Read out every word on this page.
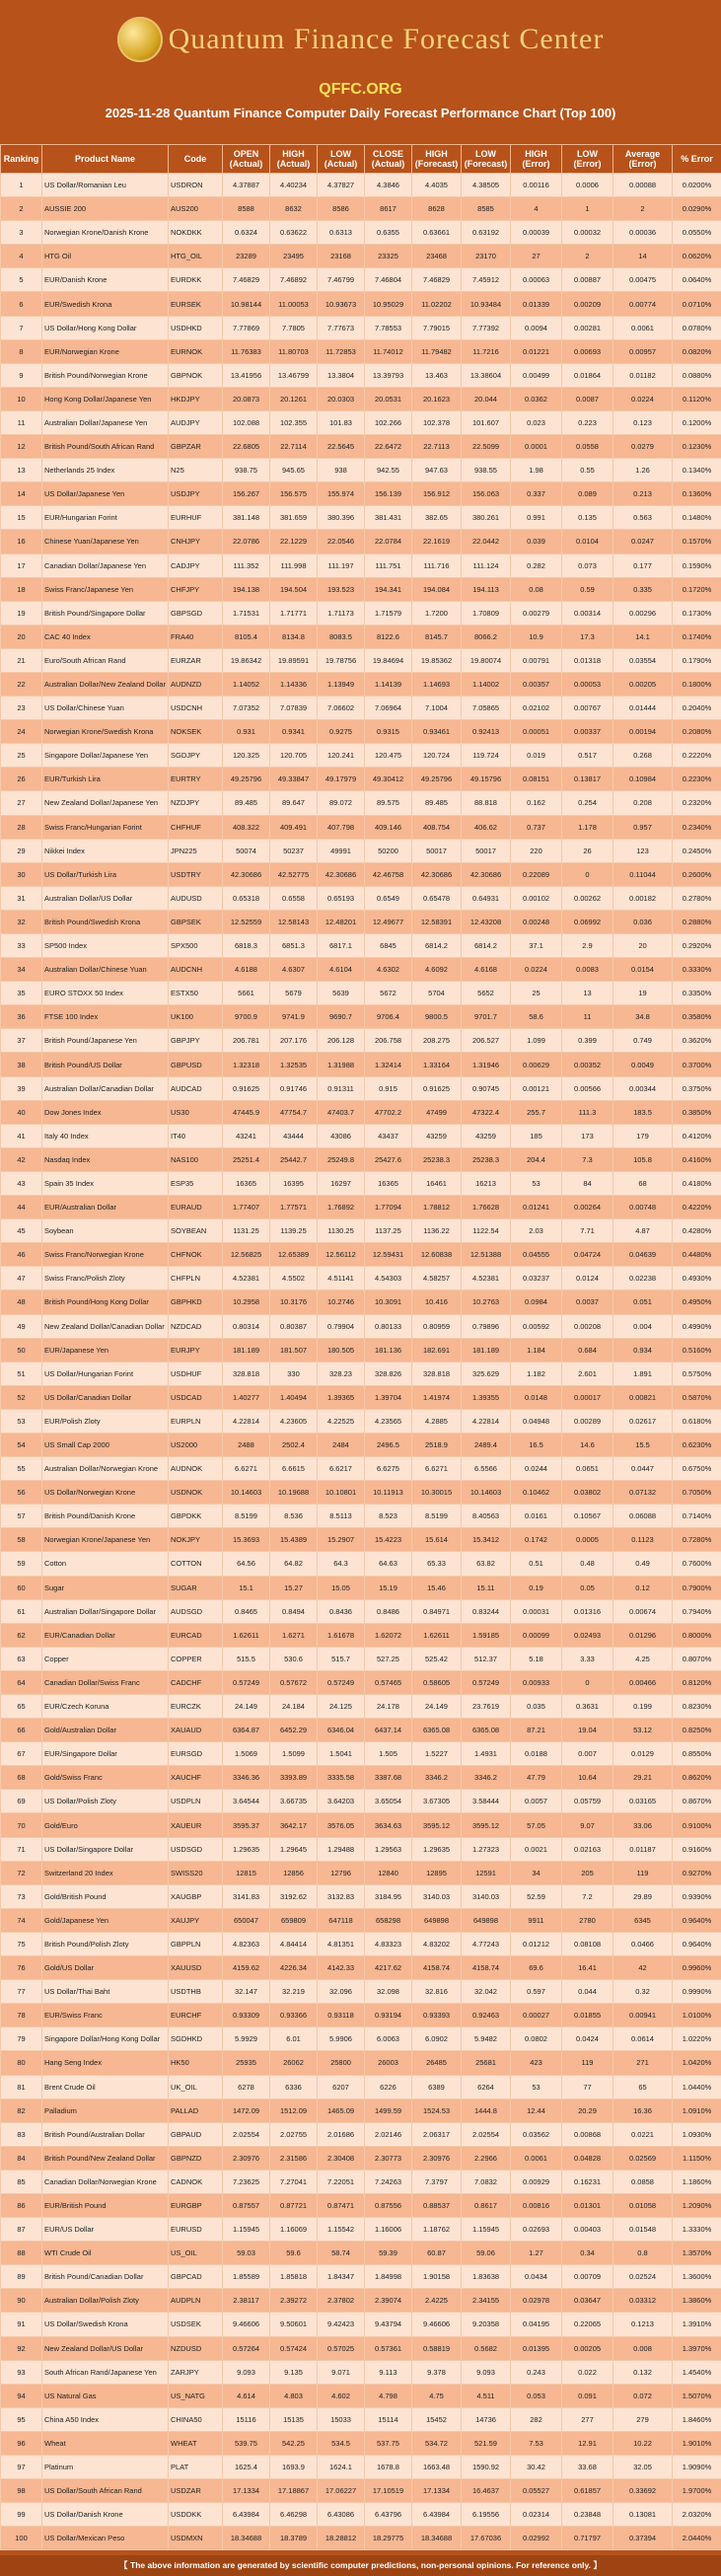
Quantum Finance Forecast Center
QFFC.ORG
2025-11-28 Quantum Finance Computer Daily Forecast Performance Chart (Top 100)
Ranking	Product Name	Code	OPEN (Actual)	HIGH (Actual)	LOW (Actual)	CLOSE (Actual)	HIGH (Forecast)	LOW (Forecast)	HIGH (Error)	LOW (Error)	Average (Error)	% Error
1	US Dollar/Romanian Leu	USDRON	4.37887	4.40234	4.37827	4.3846	4.4035	4.38505	0.00116	0.0006	0.00088	0.0200%
2	AUSSIE 200	AUS200	8588	8632	8586	8617	8628	8585	4	1	2	0.0290%
3	Norwegian Krone/Danish Krone	NOKDKK	0.6324	0.63622	0.6313	0.6355	0.63661	0.63192	0.00039	0.00032	0.00036	0.0550%
4	HTG Oil	HTG_OIL	23289	23495	23168	23325	23468	23170	27	2	14	0.0620%
5	EUR/Danish Krone	EURDKK	7.46829	7.46892	7.46799	7.46804	7.46829	7.45912	0.00063	0.00887	0.00475	0.0640%
6	EUR/Swedish Krona	EURSEK	10.98144	11.00053	10.93673	10.95029	11.02202	10.93484	0.01339	0.00209	0.00774	0.0710%
7	US Dollar/Hong Kong Dollar	USDHKD	7.77869	7.7805	7.77673	7.78553	7.79015	7.77392	0.0094	0.00281	0.0061	0.0780%
8	EUR/Norwegian Krone	EURNOK	11.76383	11.80703	11.72853	11.74012	11.79482	11.7216	0.01221	0.00693	0.00957	0.0820%
9	British Pound/Norwegian Krone	GBPNOK	13.41956	13.46799	13.3804	13.39793	13.463	13.38604	0.00499	0.01864	0.01182	0.0880%
10	Hong Kong Dollar/Japanese Yen	HKDJPY	20.0873	20.1261	20.0303	20.0531	20.1623	20.044	0.0362	0.0087	0.0224	0.1120%
11	Australian Dollar/Japanese Yen	AUDJPY	102.088	102.355	101.83	102.266	102.378	101.607	0.023	0.223	0.123	0.1200%
12	British Pound/South African Rand	GBPZAR	22.6805	22.7114	22.5645	22.6472	22.7113	22.5099	0.0001	0.0558	0.0279	0.1230%
13	Netherlands 25 Index	N25	938.75	945.65	938	942.55	947.63	938.55	1.98	0.55	1.26	0.1340%
14	US Dollar/Japanese Yen	USDJPY	156.267	156.575	155.974	156.139	156.912	156.063	0.337	0.089	0.213	0.1360%
15	EUR/Hungarian Forint	EURHUF	381.148	381.659	380.396	381.431	382.65	380.261	0.991	0.135	0.563	0.1480%
16	Chinese Yuan/Japanese Yen	CNHJPY	22.0786	22.1229	22.0546	22.0784	22.1619	22.0442	0.039	0.0104	0.0247	0.1570%
17	Canadian Dollar/Japanese Yen	CADJPY	111.352	111.998	111.197	111.751	111.716	111.124	0.282	0.073	0.177	0.1590%
18	Swiss Franc/Japanese Yen	CHFJPY	194.138	194.504	193.523	194.341	194.084	194.113	0.08	0.59	0.335	0.1720%
19	British Pound/Singapore Dollar	GBPSGD	1.71531	1.71771	1.71173	1.71579	1.7200	1.70809	0.00279	0.00314	0.00296	0.1730%
20	CAC 40 Index	FRA40	8105.4	8134.8	8083.5	8122.6	8145.7	8066.2	10.9	17.3	14.1	0.1740%
21	Euro/South African Rand	EURZAR	19.86342	19.89591	19.78756	19.84694	19.85362	19.80074	0.00791	0.01318	0.03554	0.1790%
22	Australian Dollar/New Zealand Dollar	AUDNZD	1.14052	1.14336	1.13949	1.14139	1.14693	1.14002	0.00357	0.00053	0.00205	0.1800%
23	US Dollar/Chinese Yuan	USDCNH	7.07352	7.07839	7.06602	7.06964	7.1004	7.05865	0.02102	0.00767	0.01444	0.2040%
24	Norwegian Krone/Swedish Krona	NOKSEK	0.931	0.9341	0.9275	0.9315	0.93461	0.92413	0.00051	0.00337	0.00194	0.2080%
25	Singapore Dollar/Japanese Yen	SGDJPY	120.325	120.705	120.241	120.475	120.724	119.724	0.019	0.517	0.268	0.2220%
26	EUR/Turkish Lira	EURTRY	49.25796	49.33847	49.17979	49.30412	49.25796	49.15796	0.08151	0.13817	0.10984	0.2230%
27	New Zealand Dollar/Japanese Yen	NZDJPY	89.485	89.647	89.072	89.575	89.485	88.818	0.162	0.254	0.208	0.2320%
28	Swiss Franc/Hungarian Forint	CHFHUF	408.322	409.491	407.798	409.146	408.754	406.62	0.737	1.178	0.957	0.2340%
29	Nikkei Index	JPN225	50074	50237	49991	50200	50017	50017	220	26	123	0.2450%
30	US Dollar/Turkish Lira	USDTRY	42.30686	42.52775	42.30686	42.46758	42.30686	42.30686	0.22089	0	0.11044	0.2600%
31	Australian Dollar/US Dollar	AUDUSD	0.65318	0.6558	0.65193	0.6549	0.65478	0.64931	0.00102	0.00262	0.00182	0.2780%
32	British Pound/Swedish Krona	GBPSEK	12.52559	12.58143	12.48201	12.49677	12.58391	12.43208	0.00248	0.06992	0.036	0.2880%
33	SP500 Index	SPX500	6818.3	6851.3	6817.1	6845	6814.2	6814.2	37.1	2.9	20	0.2920%
34	Australian Dollar/Chinese Yuan	AUDCNH	4.6188	4.6307	4.6104	4.6302	4.6092	4.6168	0.0224	0.0083	0.0154	0.3330%
35	EURO STOXX 50 Index	ESTX50	5661	5679	5639	5672	5704	5652	25	13	19	0.3350%
36	FTSE 100 Index	UK100	9700.9	9741.9	9690.7	9706.4	9800.5	9701.7	58.6	11	34.8	0.3580%
37	British Pound/Japanese Yen	GBPJPY	206.781	207.176	206.128	206.758	208.275	206.527	1.099	0.399	0.749	0.3620%
38	British Pound/US Dollar	GBPUSD	1.32318	1.32535	1.31988	1.32414	1.33164	1.31946	0.00629	0.00352	0.0049	0.3700%
39	Australian Dollar/Canadian Dollar	AUDCAD	0.91625	0.91746	0.91311	0.915	0.91625	0.90745	0.00121	0.00566	0.00344	0.3750%
40	Dow Jones Index	US30	47445.9	47754.7	47403.7	47702.2	47499	47322.4	255.7	111.3	183.5	0.3850%
41	Italy 40 Index	IT40	43241	43444	43086	43437	43259	43259	185	173	179	0.4120%
42	Nasdaq Index	NAS100	25251.4	25442.7	25249.8	25427.6	25238.3	25238.3	204.4	7.3	105.8	0.4160%
43	Spain 35 Index	ESP35	16365	16395	16297	16365	16461	16213	53	84	68	0.4180%
44	EUR/Australian Dollar	EURAUD	1.77407	1.77571	1.76892	1.77094	1.78812	1.76628	0.01241	0.00264	0.00748	0.4220%
45	Soybean	SOYBEAN	1131.25	1139.25	1130.25	1137.25	1136.22	1122.54	2.03	7.71	4.87	0.4280%
46	Swiss Franc/Norwegian Krone	CHFNOK	12.56825	12.65389	12.56112	12.59431	12.60838	12.51388	0.04555	0.04724	0.04639	0.4480%
47	Swiss Franc/Polish Zloty	CHFPLN	4.52381	4.5502	4.51141	4.54303	4.58257	4.52381	0.03237	0.0124	0.02238	0.4930%
48	British Pound/Hong Kong Dollar	GBPHKD	10.2958	10.3176	10.2746	10.3091	10.416	10.2763	0.0984	0.0037	0.051	0.4950%
49	New Zealand Dollar/Canadian Dollar	NZDCAD	0.80314	0.80387	0.79904	0.80133	0.80959	0.79896	0.00592	0.00208	0.004	0.4990%
50	EUR/Japanese Yen	EURJPY	181.189	181.507	180.505	181.136	182.691	181.189	1.184	0.684	0.934	0.5160%
51	US Dollar/Hungarian Forint	USDHUF	328.818	330	328.23	328.826	328.818	325.629	1.182	2.601	1.891	0.5750%
52	US Dollar/Canadian Dollar	USDCAD	1.40277	1.40494	1.39365	1.39704	1.41974	1.39355	0.0148	0.00017	0.00821	0.5870%
53	EUR/Polish Zloty	EURPLN	4.22814	4.23605	4.22525	4.23565	4.2885	4.22814	0.04948	0.00289	0.02617	0.6180%
54	US Small Cap 2000	US2000	2488	2502.4	2484	2496.5	2518.9	2489.4	16.5	14.6	15.5	0.6230%
55	Australian Dollar/Norwegian Krone	AUDNOK	6.6271	6.6615	6.6217	6.6275	6.6271	6.5566	0.0244	0.0651	0.0447	0.6750%
56	US Dollar/Norwegian Krone	USDNOK	10.14603	10.19688	10.10801	10.11913	10.30015	10.14603	0.10462	0.03802	0.07132	0.7050%
57	British Pound/Danish Krone	GBPDKK	8.5199	8.536	8.5113	8.523	8.5199	8.40563	0.0161	0.10567	0.06088	0.7140%
58	Norwegian Krone/Japanese Yen	NOKJPY	15.3693	15.4389	15.2907	15.4223	15.614	15.3412	0.1742	0.0005	0.1123	0.7280%
59	Cotton	COTTON	64.56	64.82	64.3	64.63	65.33	63.82	0.51	0.48	0.49	0.7600%
60	Sugar	SUGAR	15.1	15.27	15.05	15.19	15.46	15.11	0.19	0.05	0.12	0.7900%
61	Australian Dollar/Singapore Dollar	AUDSGD	0.8465	0.8494	0.8436	0.8486	0.84971	0.83244	0.00031	0.01316	0.00674	0.7940%
62	EUR/Canadian Dollar	EURCAD	1.62611	1.6271	1.61678	1.62072	1.62611	1.59185	0.00099	0.02493	0.01296	0.8000%
63	Copper	COPPER	515.5	530.6	515.7	527.25	525.42	512.37	5.18	3.33	4.25	0.8070%
64	Canadian Dollar/Swiss Franc	CADCHF	0.57249	0.57672	0.57249	0.57465	0.58605	0.57249	0.00933	0	0.00466	0.8120%
65	EUR/Czech Koruna	EURCZK	24.149	24.184	24.125	24.178	24.149	23.7619	0.035	0.3631	0.199	0.8230%
66	Gold/Australian Dollar	XAUAUD	6364.87	6452.29	6346.04	6437.14	6365.08	6365.08	87.21	19.04	53.12	0.8250%
67	EUR/Singapore Dollar	EURSGD	1.5069	1.5099	1.5041	1.505	1.5227	1.4931	0.0188	0.007	0.0129	0.8550%
68	Gold/Swiss Franc	XAUCHF	3346.36	3393.89	3335.58	3387.68	3346.2	3346.2	47.79	10.64	29.21	0.8620%
69	US Dollar/Polish Zloty	USDPLN	3.64544	3.66735	3.64203	3.65054	3.67305	3.58444	0.0057	0.05759	0.03165	0.8670%
70	Gold/Euro	XAUEUR	3595.37	3642.17	3576.05	3634.63	3595.12	3595.12	57.05	9.07	33.06	0.9100%
71	US Dollar/Singapore Dollar	USDSGD	1.29635	1.29645	1.29488	1.29563	1.29635	1.27323	0.0021	0.02163	0.01187	0.9160%
72	Switzerland 20 Index	SWISS20	12815	12856	12796	12840	12895	12591	34	205	119	0.9270%
73	Gold/British Pound	XAUGBP	3141.83	3192.62	3132.83	3184.95	3140.03	3140.03	52.59	7.2	29.89	0.9390%
74	Gold/Japanese Yen	XAUJPY	650047	659809	647118	658298	649898	649898	9911	2780	6345	0.9640%
75	British Pound/Polish Zloty	GBPPLN	4.82363	4.84414	4.81351	4.83323	4.83202	4.77243	0.01212	0.08108	0.0466	0.9640%
76	Gold/US Dollar	XAUUSD	4159.62	4226.34	4142.33	4217.62	4158.74	4158.74	69.6	16.41	42	0.9960%
77	US Dollar/Thai Baht	USDTHB	32.147	32.219	32.096	32.098	32.816	32.042	0.597	0.044	0.32	0.9990%
78	EUR/Swiss Franc	EURCHF	0.93309	0.93366	0.93118	0.93194	0.93393	0.92463	0.00027	0.01855	0.00941	1.0100%
79	Singapore Dollar/Hong Kong Dollar	SGDHKD	5.9929	6.01	5.9906	6.0063	6.0902	5.9482	0.0802	0.0424	0.0614	1.0220%
80	Hang Seng Index	HK50	25935	26062	25800	26003	26485	25681	423	119	271	1.0420%
81	Brent Crude Oil	UK_OIL	6278	6336	6207	6226	6389	6264	53	77	65	1.0440%
82	Palladium	PALLAD	1472.09	1512.09	1465.09	1499.59	1524.53	1444.8	12.44	20.29	16.36	1.0910%
83	British Pound/Australian Dollar	GBPAUD	2.02554	2.02755	2.01686	2.02146	2.06317	2.02554	0.03562	0.00868	0.0221	1.0930%
84	British Pound/New Zealand Dollar	GBPNZD	2.30976	2.31586	2.30408	2.30773	2.30976	2.2966	0.0061	0.04828	0.02569	1.1150%
85	Canadian Dollar/Norwegian Krone	CADNOK	7.23625	7.27041	7.22051	7.24263	7.3797	7.0832	0.00929	0.16231	0.0858	1.1860%
86	EUR/British Pound	EURGBP	0.87557	0.87721	0.87471	0.87556	0.88537	0.8617	0.00816	0.01301	0.01058	1.2090%
87	EUR/US Dollar	EURUSD	1.15945	1.16069	1.15542	1.16006	1.18762	1.15945	0.02693	0.00403	0.01548	1.3330%
88	WTI Crude Oil	US_OIL	59.03	59.6	58.74	59.39	60.87	59.06	1.27	0.34	0.8	1.3570%
89	British Pound/Canadian Dollar	GBPCAD	1.85589	1.85818	1.84347	1.84998	1.90158	1.83638	0.0434	0.00709	0.02524	1.3600%
90	Australian Dollar/Polish Zloty	AUDPLN	2.38117	2.39272	2.37802	2.39074	2.4225	2.34155	0.02978	0.03647	0.03312	1.3860%
91	US Dollar/Swedish Krona	USDSEK	9.46606	9.50601	9.42423	9.43794	9.46606	9.20358	0.04195	0.22065	0.1213	1.3910%
92	New Zealand Dollar/US Dollar	NZDUSD	0.57264	0.57424	0.57025	0.57361	0.58819	0.5682	0.01395	0.00205	0.008	1.3970%
93	South African Rand/Japanese Yen	ZARJPY	9.093	9.135	9.071	9.113	9.378	9.093	0.243	0.022	0.132	1.4540%
94	US Natural Gas	US_NATG	4.614	4.803	4.602	4.798	4.75	4.511	0.053	0.091	0.072	1.5070%
95	China A50 Index	CHINA50	15116	15135	15033	15114	15452	14736	282	277	279	1.8460%
96	Wheat	WHEAT	539.75	542.25	534.5	537.75	534.72	521.59	7.53	12.91	10.22	1.9010%
97	Platinum	PLAT	1625.4	1693.9	1624.1	1678.8	1663.48	1590.92	30.42	33.68	32.05	1.9090%
98	US Dollar/South African Rand	USDZAR	17.1334	17.18867	17.06227	17.10519	17.1334	16.4637	0.05527	0.61857	0.33692	1.9700%
99	US Dollar/Danish Krone	USDDKK	6.43984	6.46298	6.43086	6.43796	6.43984	6.19556	0.02314	0.23848	0.13081	2.0320%
100	US Dollar/Mexican Peso	USDMXN	18.34688	18.3789	18.28812	18.29775	18.34688	17.67036	0.02992	0.71797	0.37394	2.0440%
【 The above information are generated by scientific computer predictions, non-personal opinions. For reference only. 】
